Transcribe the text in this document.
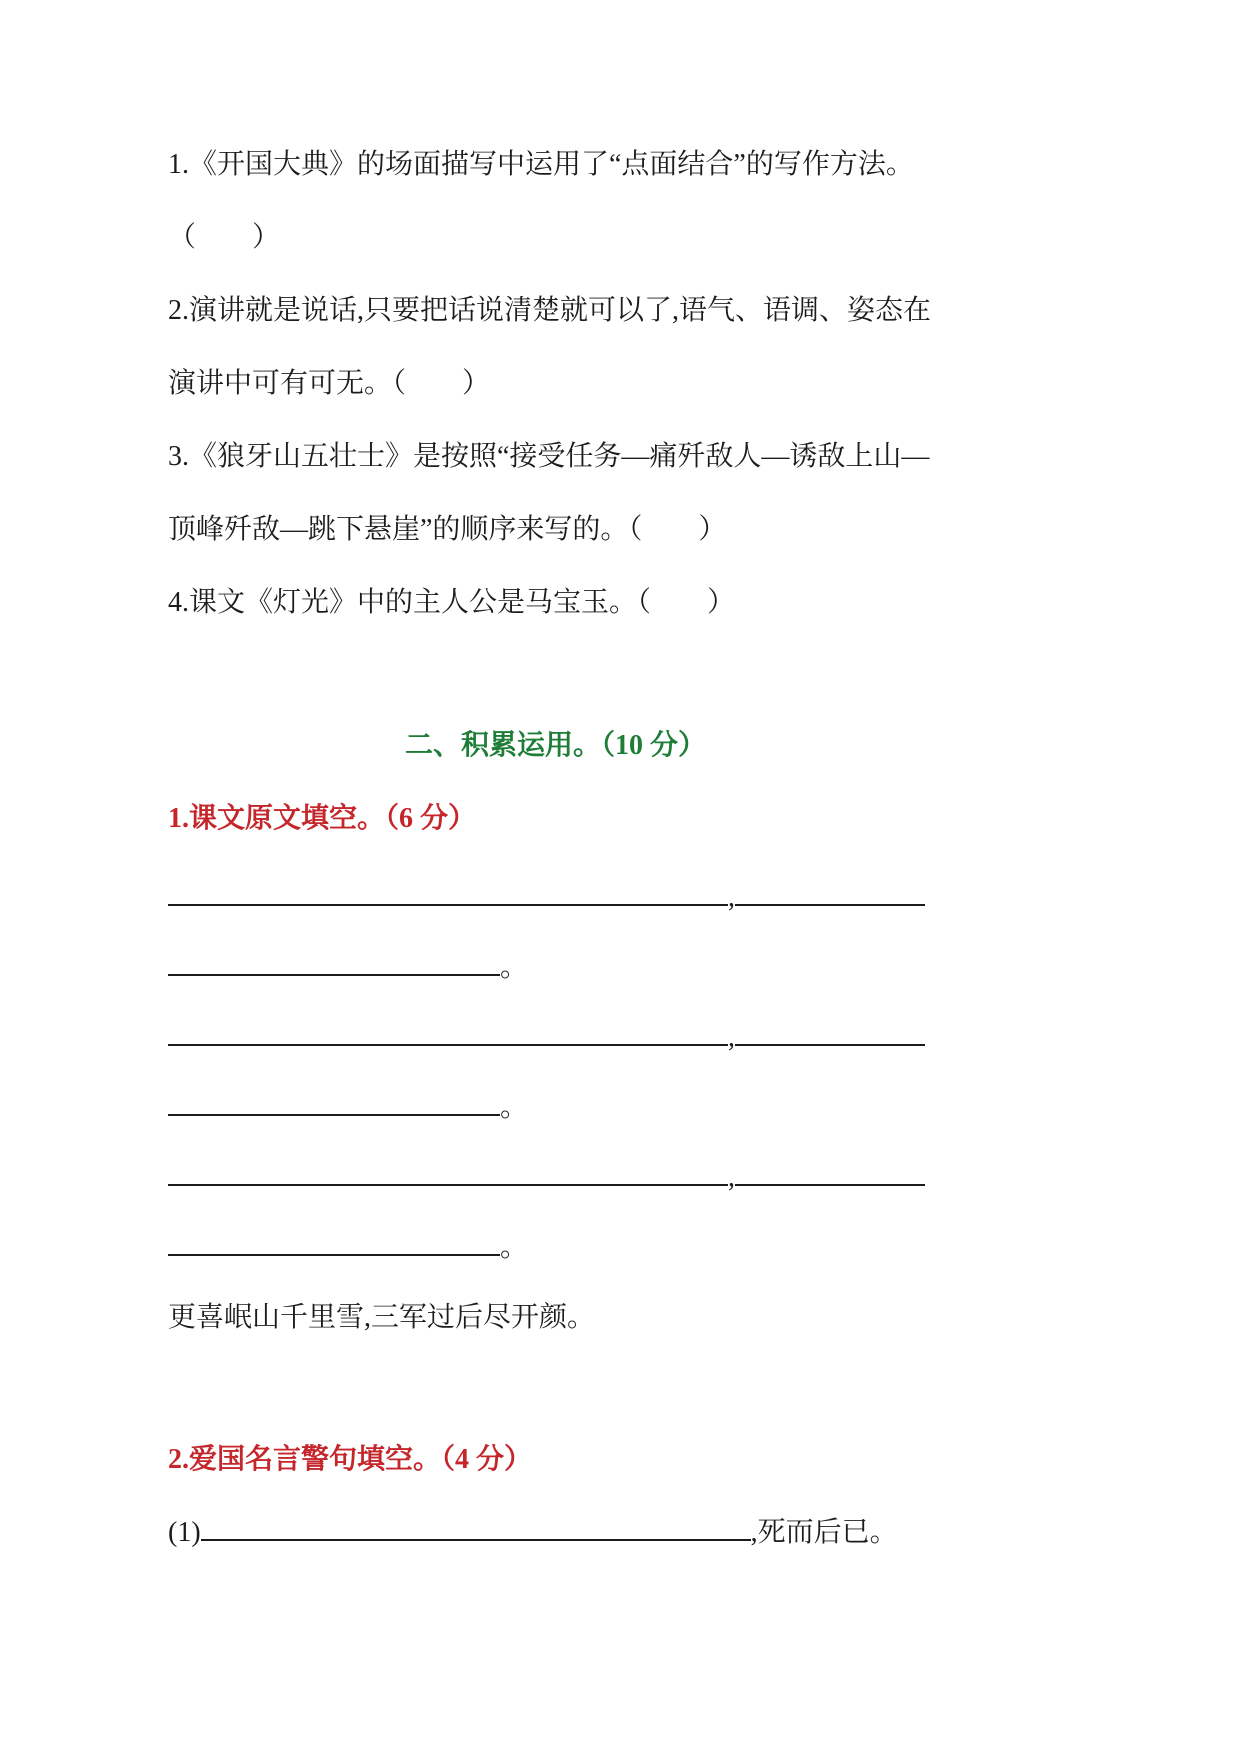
1.《开国大典》的场面描写中运用了“点面结合”的写作方法。
（　　）
2.演讲就是说话,只要把话说清楚就可以了,语气、语调、姿态在
演讲中可有可无。（　　）
3.《狼牙山五壮士》是按照“接受任务—痛歼敌人—诱敌上山—
顶峰歼敌—跳下悬崖”的顺序来写的。（　　）
4.课文《灯光》中的主人公是马宝玉。（　　）
二、积累运用。（10 分）
1.课文原文填空。（6 分）
,
。
,
。
,
。
更喜岷山千里雪,三军过后尽开颜。
2.爱国名言警句填空。（4 分）
(1)	,死而后已。
